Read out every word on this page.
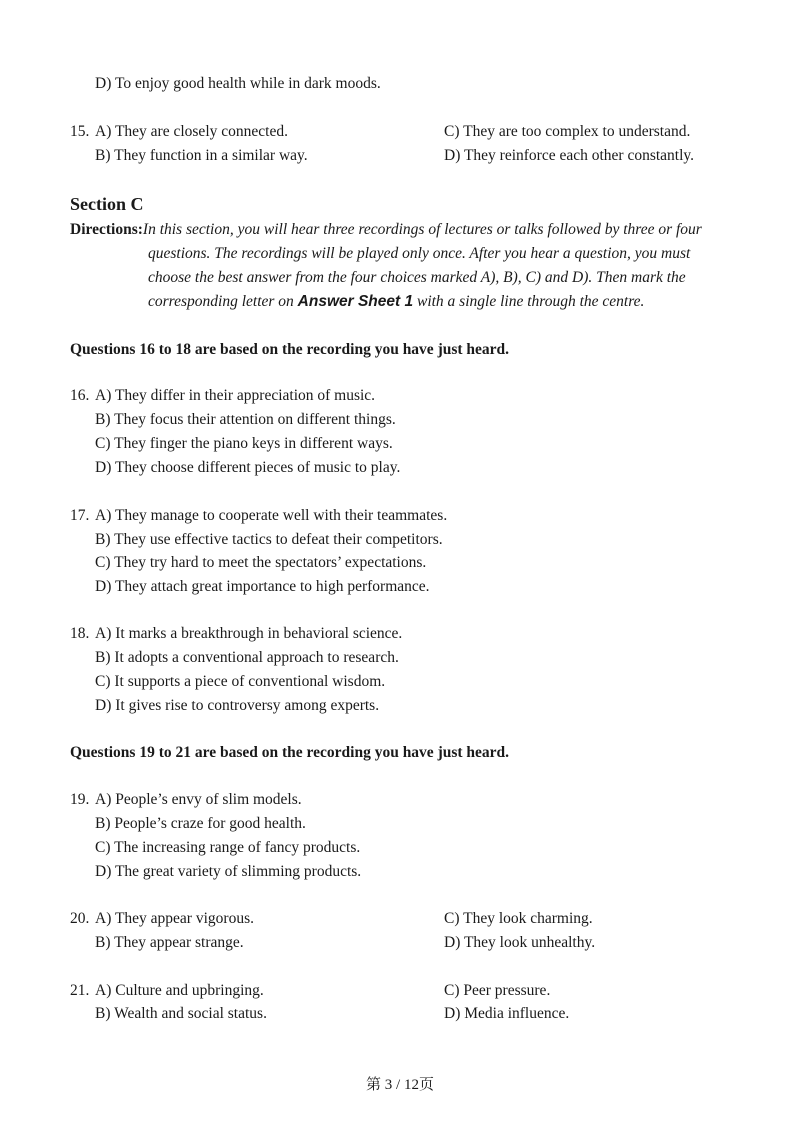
D) To enjoy good health while in dark moods.
15. A) They are closely connected.
B) They function in a similar way.
C) They are too complex to understand.
D) They reinforce each other constantly.
Section C
Directions:In this section, you will hear three recordings of lectures or talks followed by three or four
questions. The recordings will be played only once. After you hear a question, you must
choose the best answer from the four choices marked A), B), C) and D). Then mark the
corresponding letter on Answer Sheet 1 with a single line through the centre.
Questions 16 to 18 are based on the recording you have just heard.
16. A) They differ in their appreciation of music.
B) They focus their attention on different things.
C) They finger the piano keys in different ways.
D) They choose different pieces of music to play.
17. A) They manage to cooperate well with their teammates.
B) They use effective tactics to defeat their competitors.
C) They try hard to meet the spectators’ expectations.
D) They attach great importance to high performance.
18. A) It marks a breakthrough in behavioral science.
B) It adopts a conventional approach to research.
C) It supports a piece of conventional wisdom.
D) It gives rise to controversy among experts.
Questions 19 to 21 are based on the recording you have just heard.
19. A) People’s envy of slim models.
B) People’s craze for good health.
C) The increasing range of fancy products.
D) The great variety of slimming products.
20. A) They appear vigorous.
B) They appear strange.
C) They look charming.
D) They look unhealthy.
21. A) Culture and upbringing.
B) Wealth and social status.
C) Peer pressure.
D) Media influence.
第 3 / 12页
